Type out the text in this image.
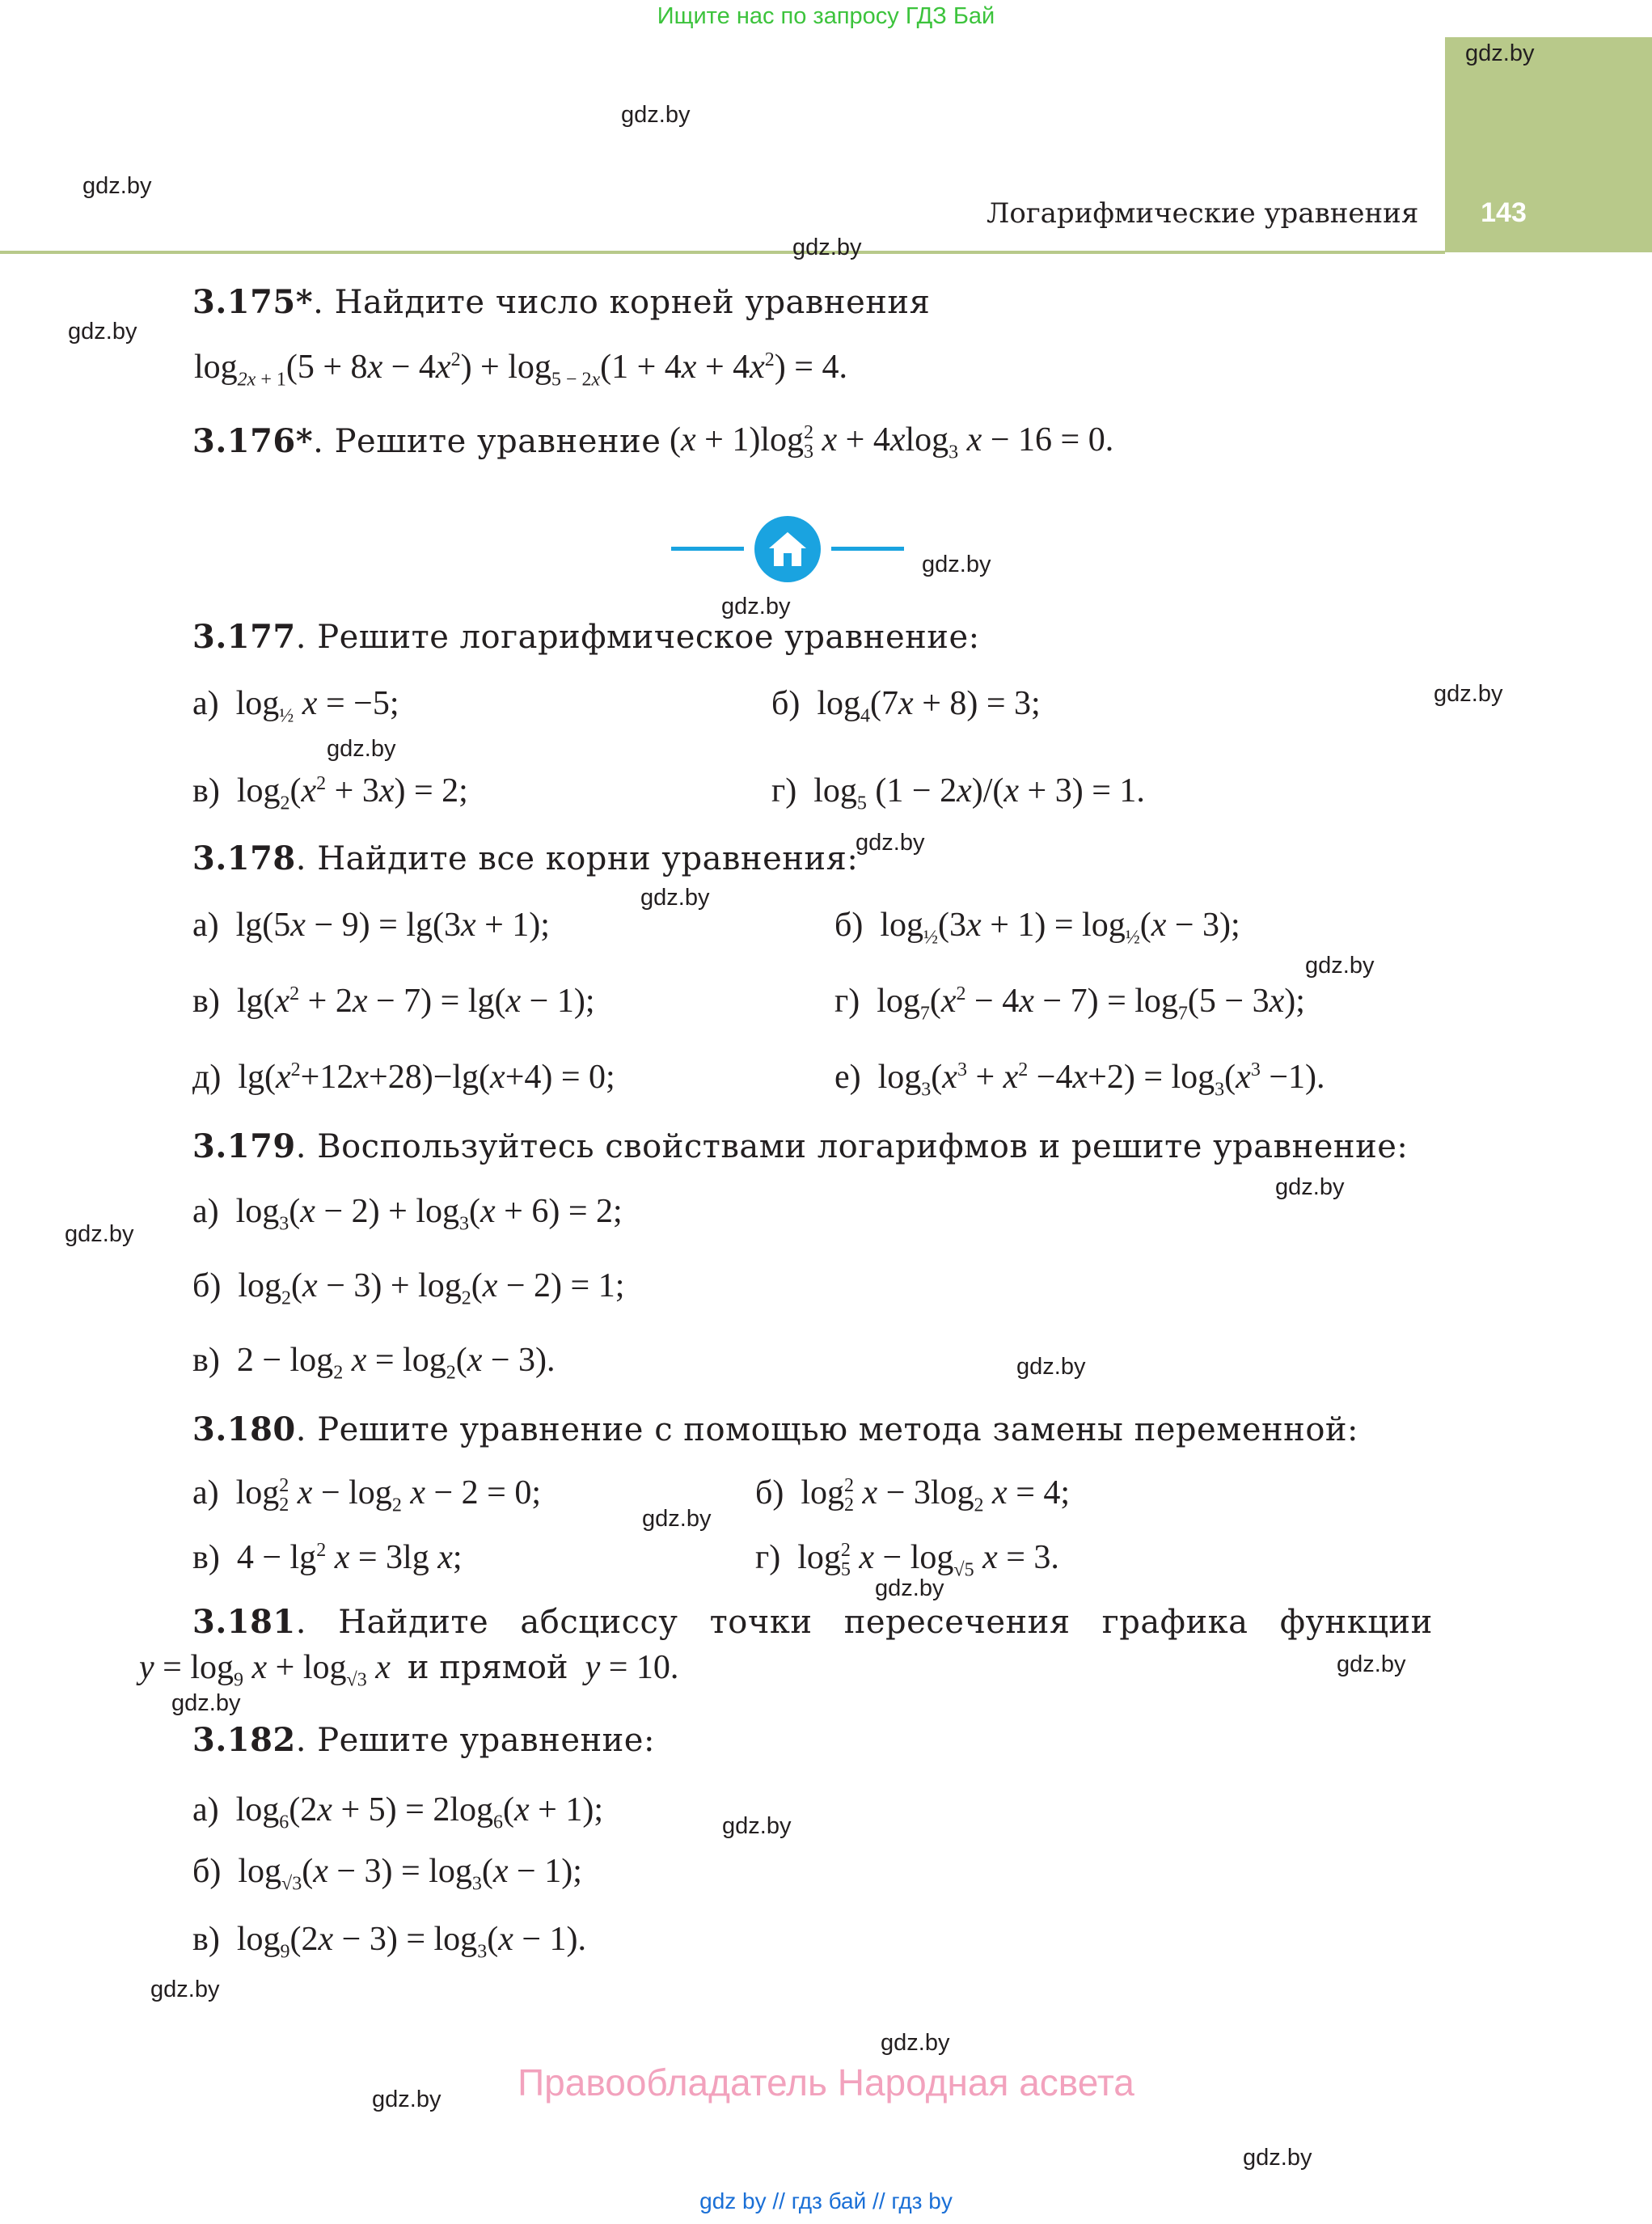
Ищите нас по запросу ГДЗ Бай
Логарифмические уравнения	143
gdz.by
gdz.by
gdz.by
gdz.by
gdz.by
gdz.by
gdz.by
gdz.by
gdz.by
gdz.by
gdz.by
gdz.by
gdz.by
gdz.by
gdz.by
gdz.by
gdz.by
gdz.by
gdz.by
gdz.by
gdz.by
gdz.by
gdz.by
gdz.by
3.175*. Найдите число корней уравнения
$\log_{2x + 1}(5 + 8x - 4x^2) + \log_{5 - 2x}(1 + 4x + 4x^2) = 4$.
3.176*. Решите уравнение $(x + 1)\log^2_3$ x + 4xlog$_3$ x − 16 = 0.
3.177. Решите логарифмическое уравнение:
а)  $\log_{\frac{1}{2}} x = -5$;	б)  $\log_4(7x + 8) = 3$;
в)  $\log_2(x^2 + 3x) = 2$;	г)  $\log_5 (1 - 2x)/(x + 3) = 1$.
3.178. Найдите все корни уравнения:
а)  lg(5x − 9) = lg(3x + 1);	б)  $\log_{\frac{1}{2}}(3x + 1) = \log_{\frac{1}{2}}(x - 3)$;
в)  $\lg(x^2 + 2x - 7) = \lg(x - 1)$;	г)  $\log_7(x^2 - 4x - 7) = \log_7(5 - 3x)$;
д)  $\lg(x^2+12x+28)-\lg(x+4) = 0$;	е)  $\log_3(x^3 + x^2 -4x+2) = \log_3(x^3 -1)$.
3.179. Воспользуйтесь свойствами логарифмов и решите уравнение:
а)  $\log_3(x - 2) + \log_3(x + 6) = 2$;
б)  $\log_2(x - 3) + \log_2(x - 2) = 1$;
в)  $2 - \log_2 x = \log_2(x - 3)$.
3.180. Решите уравнение с помощью метода замены переменной:
а)  $\log^2_2 x - \log_2 x - 2 = 0$;	б)  $\log^2_2 x - 3\log_2$ x = 4;
в)  $4 - \lg^2 x = 3\lg$ x;	г)  $\log^2_5 x - \log_{√5} x = 3$.
3.181. Найдите абсциссу точки пересечения графика функции
$y = \log_9 x + \log_{√3} x$ и прямой y = 10.
3.182. Решите уравнение:
а)  $\log_6(2x + 5) = 2\log_6(x + 1)$;
б)  $\log_{√3}(x - 3) = \log_3(x - 1)$;
в)  $\log_9(2x - 3) = \log_3(x - 1)$.
Правообладатель Народная асвета
gdz by // гдз бай // гдз by
